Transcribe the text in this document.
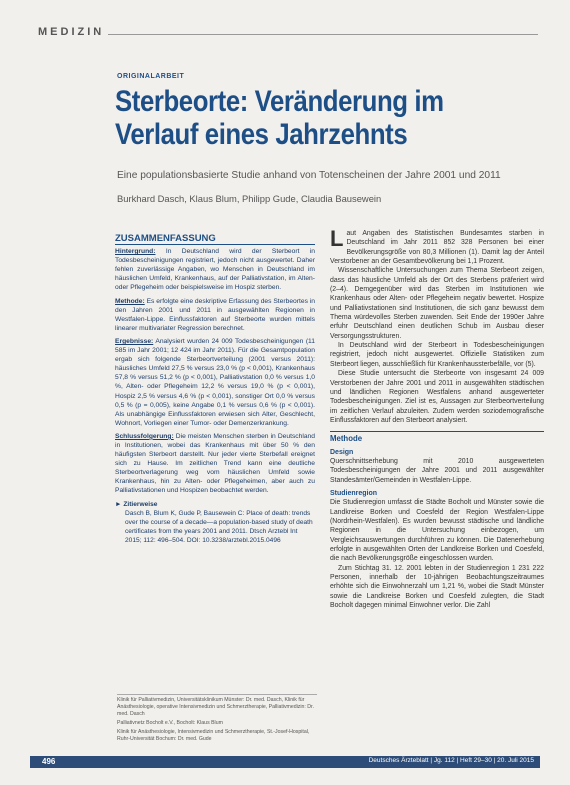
MEDIZIN
ORIGINALARBEIT
Sterbeorte: Veränderung im Verlauf eines Jahrzehnts
Eine populationsbasierte Studie anhand von Totenscheinen der Jahre 2001 und 2011
Burkhard Dasch, Klaus Blum, Philipp Gude, Claudia Bausewein
ZUSAMMENFASSUNG

Hintergrund: In Deutschland wird der Sterbeort in Todesbescheinigungen registriert, jedoch nicht ausgewertet. Daher fehlen zuverlässige Angaben, wo Menschen in Deutschland im häuslichen Umfeld, Krankenhaus, auf der Palliativstation, im Alten- oder Pflegeheim oder beispielsweise im Hospiz sterben.

Methode: Es erfolgte eine deskriptive Erfassung des Sterbeortes in den Jahren 2001 und 2011 in ausgewählten Regionen in Westfalen-Lippe. Einflussfaktoren auf Sterbeorte wurden mittels linearer multivariater Regression berechnet.

Ergebnisse: Analysiert wurden 24 009 Todesbescheinigungen (11 585 im Jahr 2001; 12 424 im Jahr 2011). Für die Gesamtpopulation ergab sich folgende Sterbeortverteilung (2001 versus 2011): häusliches Umfeld 27,5 % versus 23,0 % (p < 0,001), Krankenhaus 57,8 % versus 51,2 % (p < 0,001), Palliativstation 0,0 % versus 1,0 %, Alten- oder Pflegeheim 12,2 % versus 19,0 % (p < 0,001), Hospiz 2,5 % versus 4,6 % (p < 0,001), sonstiger Ort 0,0 % versus 0,5 % (p = 0,005), keine Angabe 0,1 % versus 0,6 % (p < 0,001). Als unabhängige Einflussfaktoren erwiesen sich Alter, Geschlecht, Wohnort, Vorliegen einer Tumor- oder Demenzerkrankung.

Schlussfolgerung: Die meisten Menschen sterben in Deutschland in Institutionen, wobei das Krankenhaus mit über 50 % den häufigsten Sterbeort darstellt. Nur jeder vierte Sterbefall ereignet sich zu Hause. Im zeitlichen Trend kann eine deutliche Sterbeortverlagerung weg vom häuslichen Umfeld sowie Krankenhaus, hin zu Alten- oder Pflegeheimen, aber auch zu Palliativstationen und Hospizen beobachtet werden.

► Zitierweise
Dasch B, Blum K, Gude P, Bausewein C: Place of death: trends over the course of a decade—a population-based study of death certificates from the years 2001 and 2011. Dtsch Arztebl Int 2015; 112: 496–504. DOI: 10.3238/arztebl.2015.0496

Klinik für Palliativmedizin, Universitätsklinikum Münster: Dr. med. Dasch, Klinik für Anästhesiologie, operative Intensivmedizin und Schmerztherapie, Palliativmedizin: Dr. med. Dasch

Palliativnetz Bocholt e.V., Bocholt: Klaus Blum

Klinik für Anästhesiologie, Intensivmedizin und Schmerztherapie, St.-Josef-Hospital, Ruhr-Universität Bochum: Dr. med. Gude

Laut Angaben des Statistischen Bundesamtes starben in Deutschland im Jahr 2011 852 328 Personen bei einer Bevölkerungsgröße von 80,3 Millionen (1). Damit lag der Anteil Verstorbener an der Gesamtbevölkerung bei 1,1 Prozent.

Wissenschaftliche Untersuchungen zum Thema Sterbeort zeigen, dass das häusliche Umfeld als der Ort des Sterbens präferiert wird (2–4). Demgegenüber wird das Sterben im Institutionen wie Krankenhaus oder Alten- oder Pflegeheim negativ bewertet. Hospize und Palliativstationen sind Institutionen, die sich ganz bewusst dem Thema würdevolles Sterben zuwenden. Seit Ende der 1990er Jahre erfuhr Deutschland einen deutlichen Schub im Ausbau dieser Versorgungsstrukturen.

In Deutschland wird der Sterbeort in Todesbescheinigungen registriert, jedoch nicht ausgewertet. Offizielle Statistiken zum Sterbeort liegen, ausschließlich für Krankenhaussterbefälle, vor (5).

Diese Studie untersucht die Sterbeorte von insgesamt 24 009 Verstorbenen der Jahre 2001 und 2011 in ausgewählten städtischen und ländlichen Regionen Westfalens anhand ausgewerteter Todesbescheinigungen. Ziel ist es, Aussagen zur Sterbeortverteilung im zeitlichen Verlauf abzuleiten. Zudem werden soziodemografische Einflussfaktoren auf den Sterbeort analysiert.

Methode
Design

Querschnittserhebung mit 2010 ausgewerteten Todesbescheinigungen der Jahre 2001 und 2011 ausgewählter Standesämter/Gemeinden in Westfalen-Lippe.

Studienregion

Die Studienregion umfasst die Städte Bocholt und Münster sowie die Landkreise Borken und Coesfeld der Region Westfalen-Lippe (Nordrhein-Westfalen). Es wurden bewusst städtische und ländliche Regionen in die Untersuchung einbezogen, um Vergleichsauswertungen durchführen zu können. Die Datenerhebung erfolgte in ausgewählten Orten der Landkreise Borken und Coesfeld, die nach Bevölkerungsgröße eingeschlossen wurden.

Zum Stichtag 31. 12. 2001 lebten in der Studienregion 1 231 222 Personen, innerhalb der 10-jährigen Beobachtungszeitraumes erhöhte sich die Einwohnerzahl um 1,21 %, wobei die Stadt Münster sowie die Landkreise Borken und Coesfeld zulegten, die Stadt Bocholt dagegen minimal Einwohner verlor. Die Zahl

496	Deutsches Ärzteblatt | Jg. 112 | Heft 29–30 | 20. Juli 2015
